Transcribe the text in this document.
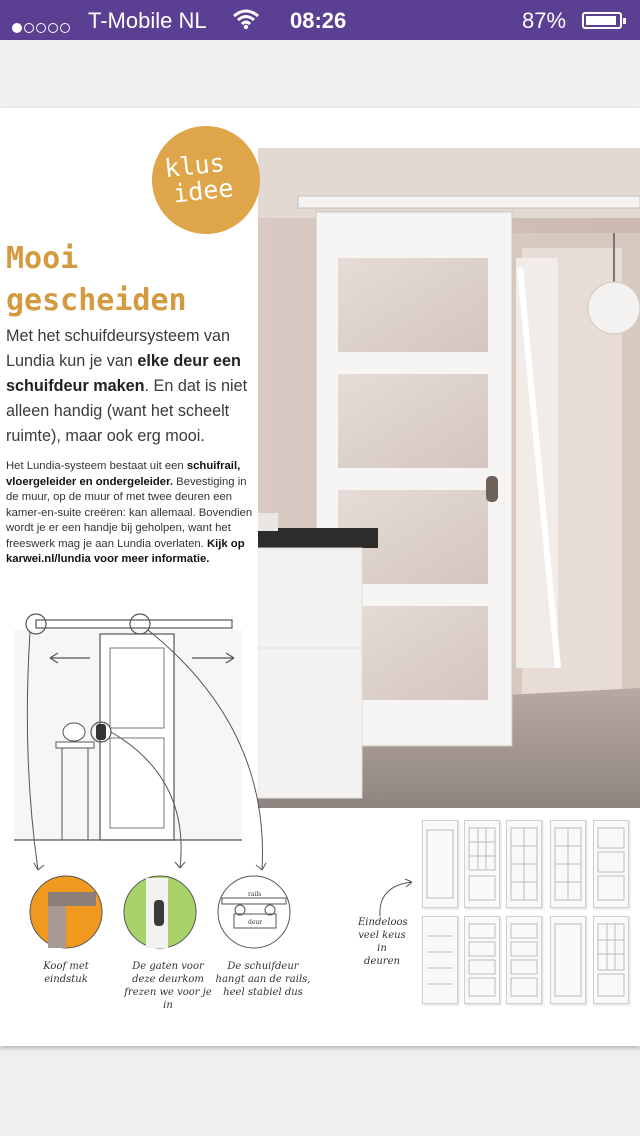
T-Mobile NL	08:26	87%
klus
idee
Mooi
gescheiden
Met het schuifdeursysteem van Lundia kun je van elke deur een schuifdeur maken. En dat is niet alleen handig (want het scheelt ruimte), maar ook erg mooi.
Het Lundia-systeem bestaat uit een schuifrail, vloergeleider en ondergeleider. Bevestiging in de muur, op de muur of met twee deuren een kamer-en-suite creëren: kan allemaal. Bovendien wordt je er een handje bij geholpen, want het freeswerk mag je aan Lundia overlaten. Kijk op karwei.nl/lundia voor meer informatie.
rails
deur
Koof met eindstuk
De gaten voor deze deurkom frezen we voor je in
De schuifdeur hangt aan de rails, heel stabiel dus
Eindeloos veel keus in deuren
